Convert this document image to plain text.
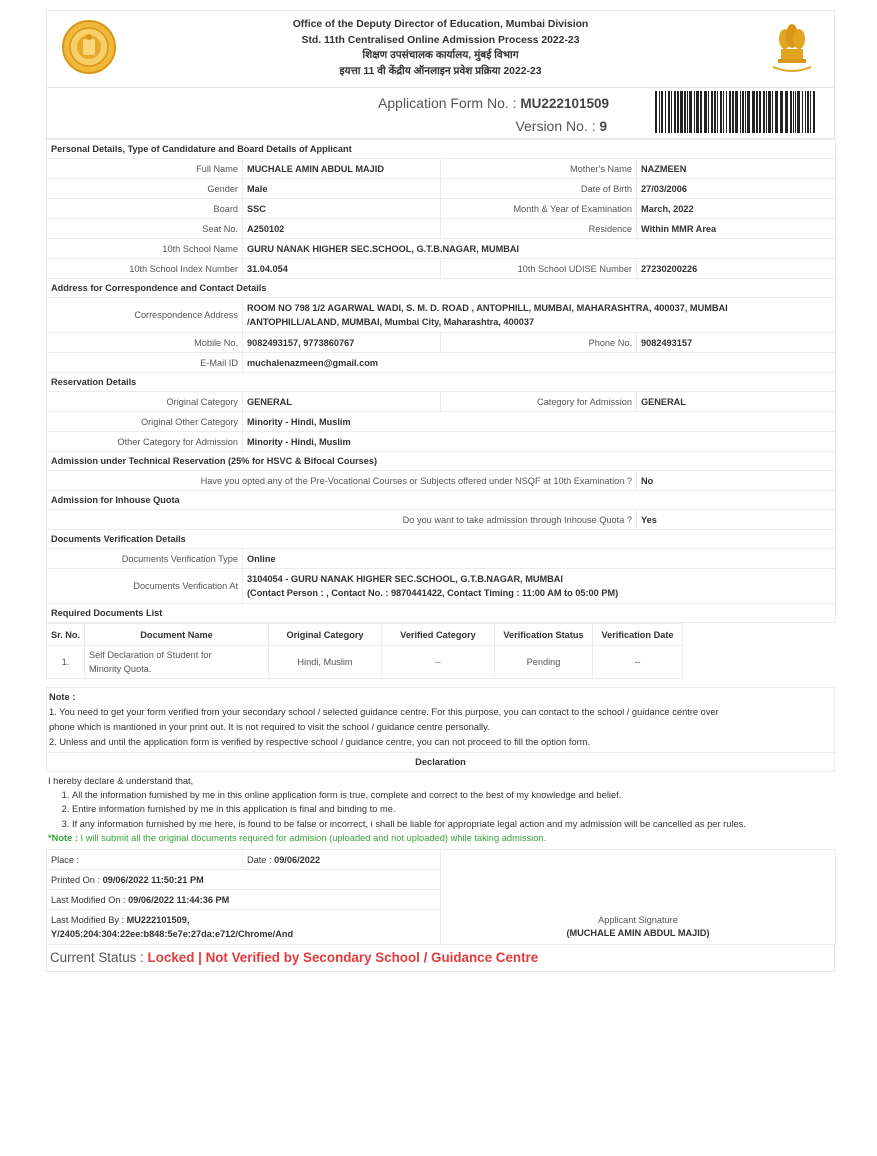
Office of the Deputy Director of Education, Mumbai Division
Std. 11th Centralised Online Admission Process 2022-23
शिक्षण उपसंचालक कार्यालय, मुंबई विभाग
इयत्ता 11 वी केंद्रीय ऑनलाइन प्रवेश प्रक्रिया 2022-23
Application Form No. : MU222101509
Version No. : 9
Personal Details, Type of Candidature and Board Details of Applicant			
Full Name	MUCHALE AMIN ABDUL MAJID	Mother's Name	NAZMEEN
Gender	Male	Date of Birth	27/03/2006
Board	SSC	Month & Year of Examination	March, 2022
Seat No.	A250102	Residence	Within MMR Area
10th School Name	GURU NANAK HIGHER SEC.SCHOOL, G.T.B.NAGAR, MUMBAI		
10th School Index Number	31.04.054	10th School UDISE Number	27230200226
Address for Correspondence and Contact Details			
Correspondence Address	ROOM NO 798 1/2 AGARWAL WADI, S. M. D. ROAD , ANTOPHILL, MUMBAI, MAHARASHTRA, 400037, MUMBAI
/ANTOPHILL/ALAND, MUMBAI, Mumbai City, Maharashtra, 400037		

Mobile No.	9082493157, 9773860767	Phone No.	9082493157
E-Mail ID	muchalenazmeen@gmail.com		
Reservation Details			
Original Category	GENERAL	Category for Admission	GENERAL
Original Other Category	Minority - Hindi, Muslim		
Other Category for Admission	Minority - Hindi, Muslim		
Admission under Technical Reservation (25% for HSVC & Bifocal Courses)			
Have you opted any of the Pre-Vocational Courses or Subjects offered under NSQF at 10th Examination ?			No
Admission for Inhouse Quota			
Do you want to take admission through Inhouse Quota ?			Yes
Documents Verification Details			
Documents Verification Type	Online		
Documents Verification At	3104054 - GURU NANAK HIGHER SEC.SCHOOL, G.T.B.NAGAR, MUMBAI
(Contact Person : , Contact No. : 9870441422, Contact Timing : 11:00 AM to 05:00 PM)		

Required Documents List			
Sr. No.	Document Name	Original Category	Verified Category	Verification Status	Verification Date
1.	Self Declaration of Student for
Minority Quota.	Hindi, Muslim	--	Pending	--
Note :
1. You need to get your form verified from your secondary school / selected guidance centre. For this purpose, you can contact to the school / guidance centre over
phone which is mantioned in your print out. It is not required to visit the school / guidance centre personally.
2. Unless and until the application form is verified by respective school / guidance centre, you can not proceed to fill the option form.
Declaration
I hereby declare & understand that,
1. All the information furnished by me in this online application form is true, complete and correct to the best of my knowledge and belief.
2. Entire information furnished by me in this application is final and binding to me.
3. If any information furnished by me here, is found to be false or incorrect, i shall be liable for appropriate legal action and my admission will be cancelled as per rules.
*Note : I will submit all the original documents required for admision (uploaded and not uploaded) while taking admission.
Place :	Date : 09/06/2022	
Applicant Signature
(MUCHALE AMIN ABDUL MAJID)

Printed On : 09/06/2022 11:50:21 PM
Last Modified On : 09/06/2022 11:44:36 PM

Last Modified By : MU222101509,
Y/2405:204:304:22ee:b848:5e7e:27da:e712/Chrome/And
Current Status : Locked | Not Verified by Secondary School / Guidance Centre
